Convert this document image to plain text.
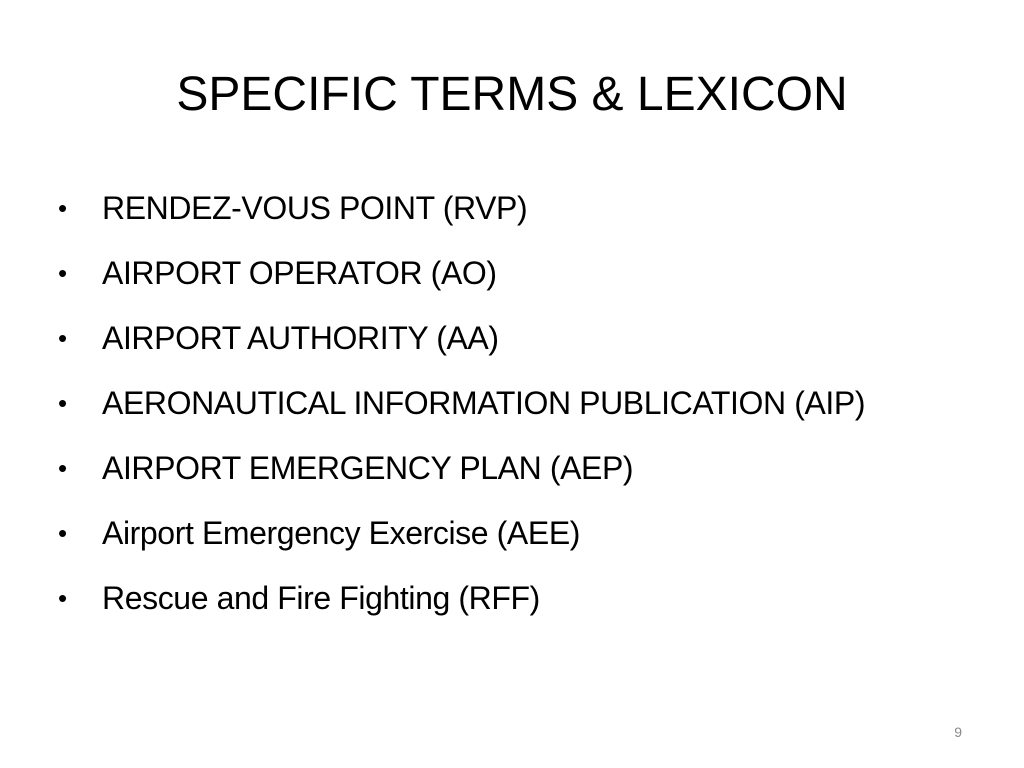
SPECIFIC TERMS & LEXICON
•	RENDEZ-VOUS POINT (RVP)
•	AIRPORT OPERATOR (AO)
•	AIRPORT AUTHORITY (AA)
•	AERONAUTICAL INFORMATION PUBLICATION (AIP)
•	AIRPORT EMERGENCY PLAN (AEP)
•	Airport Emergency Exercise (AEE)
•	Rescue and Fire Fighting (RFF)
9
